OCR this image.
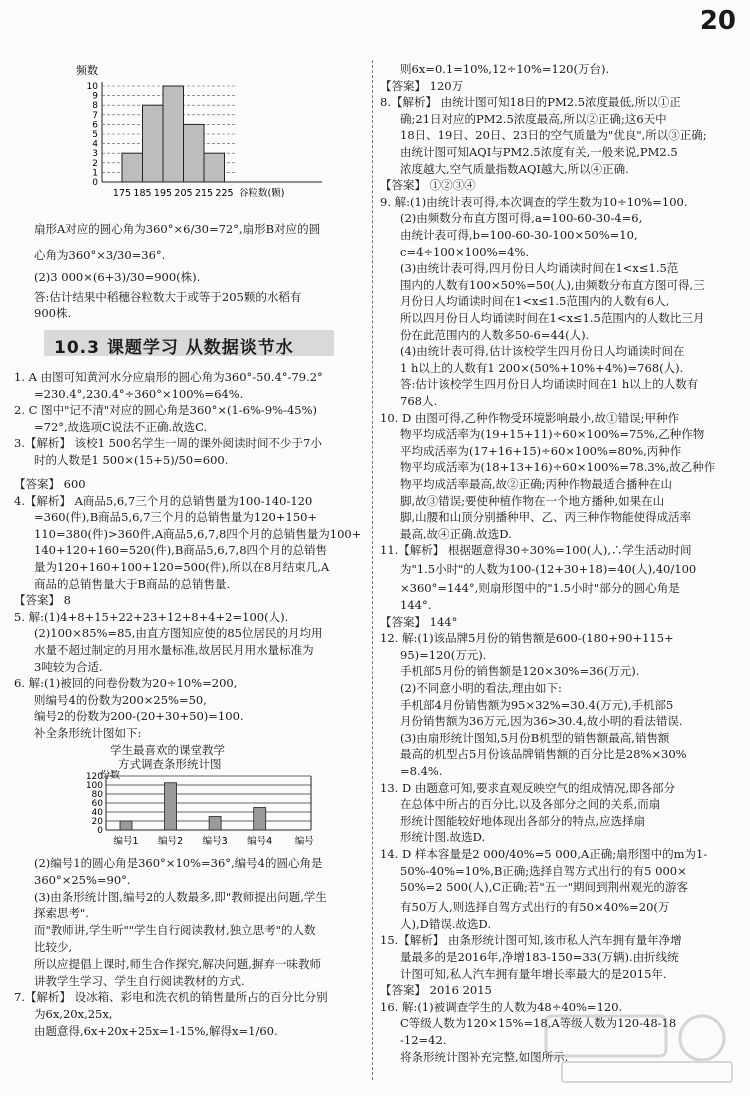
20
频数
0
1
2
3
4
5
6
7
8
9
10
175 185 195 205 215 225 谷粒数(颗)
扇形A对应的圆心角为360°×6/30=72°,扇形B对应的圆
心角为360°×3/30=36°.
(2)3 000×(6+3)/30=900(株).
答:估计结果中稻穗谷粒数大于或等于205颗的水稻有
900株.
1. A 由图可知黄河水分应扇形的圆心角为360°-50.4°-79.2°
=230.4°,230.4°÷360°×100%=64%.
2. C 图中"记不清"对应的圆心角是360°×(1-6%-9%-45%)
=72°,故选项C说法不正确.故选C.
3.【解析】 该校1 500名学生一周的课外阅读时间不少于7小
时的人数是1 500×(15+5)/50=600.
【答案】 600
4.【解析】 A商品5,6,7三个月的总销售量为100-140-120
=360(件),B商品5,6,7三个月的总销售量为120+150+
110=380(件)>360件,A商品5,6,7,8四个月的总销售量为100+
140+120+160=520(件),B商品5,6,7,8四个月的总销售
量为120+160+100+120=500(件),所以在8月结束几,A
商品的总销售量大于B商品的总销售量.
【答案】 8
5. 解:(1)4+8+15+22+23+12+8+4+2=100(人).
(2)100×85%=85,由直方图知应使的85位居民的月均用
水量不超过制定的月用水量标准,故居民月用水量标准为
3吨较为合适.
6. 解:(1)被回的问卷份数为20÷10%=200,
则编号4的份数为200×25%=50,
编号2的份数为200-(20+30+50)=100.
补全条形统计图如下:
(2)编号1的圆心角是360°×10%=36°,编号4的圆心角是
360°×25%=90°.
(3)由条形统计图,编号2的人数最多,即"教师提出问题,学生
探索思考".
而"教师讲,学生听""学生自行阅读教材,独立思考"的人数
比较少,
所以应提倡上课时,师生合作探究,解决问题,摒弃一味教师
讲教学生学习、学生自行阅读教材的方式.
7.【解析】 设冰箱、彩电和洗衣机的销售量所占的百分比分别
为6x,20x,25x,
由题意得,6x+20x+25x=1-15%,解得x=1/60.
10.3 课题学习 从数据谈节水
学生最喜欢的课堂教学
方式调查条形统计图
份数
0
20
40
60
80
100
120
编号1 编号2 编号3 编号4 编号
则6x=0.1=10%,12÷10%=120(万台).
【答案】 120万
8.【解析】 由统计图可知18日的PM2.5浓度最低,所以①正
确;21日对应的PM2.5浓度最高,所以②正确;这6天中
18日、19日、20日、23日的空气质量为"优良",所以③正确;
由统计图可知AQI与PM2.5浓度有关,一般来说,PM2.5
浓度越大,空气质量指数AQI越大,所以④正确.
【答案】 ①②③④
9. 解:(1)由统计表可得,本次调查的学生数为10÷10%=100.
(2)由频数分布直方图可得,a=100-60-30-4=6,
由统计表可得,b=100-60-30-100×50%=10,
c=4÷100×100%=4%.
(3)由统计表可得,四月份日人均诵读时间在1<x≤1.5范
围内的人数有100×50%=50(人),由频数分布直方图可得,三
月份日人均诵读时间在1<x≤1.5范围内的人数有6人,
所以四月份日人均诵读时间在1<x≤1.5范围内的人数比三月
份在此范围内的人数多50-6=44(人).
(4)由统计表可得,估计该校学生四月份日人均诵读时间在
1 h以上的人数有1 200×(50%+10%+4%)=768(人).
答:估计该校学生四月份日人均诵读时间在1 h以上的人数有
768人.
10. D 由图可得,乙种作物受环境影响最小,故①错误;甲种作
物平均成活率为(19+15+11)÷60×100%=75%,乙种作物
平均成活率为(17+16+15)÷60×100%=80%,丙种作
物平均成活率为(18+13+16)÷60×100%=78.3%,故乙种作
物平均成活率最高,故②正确;丙种作物最适合播种在山
脚,故③错误;要使种植作物在一个地方播种,如果在山
脚,山腰和山顶分别播种甲、乙、丙三种作物能使得成活率
最高,故④正确.故选D.
11.【解析】 根据题意得30÷30%=100(人),∴学生活动时间
为"1.5小时"的人数为100-(12+30+18)=40(人),40/100
×360°=144°,则扇形图中的"1.5小时"部分的圆心角是
144°.
【答案】 144°
12. 解:(1)该品牌5月份的销售额是600-(180+90+115+
95)=120(万元).
手机部5月份的销售额是120×30%=36(万元).
(2)不同意小明的看法,理由如下:
手机部4月份销售额为95×32%=30.4(万元),手机部5
月份销售额为36万元,因为36>30.4,故小明的看法错误.
(3)由扇形统计图知,5月份B机型的销售额最高,销售额
最高的机型占5月份该品牌销售额的百分比是28%×30%
=8.4%.
13. D 由题意可知,要求直观反映空气的组成情况,即各部分
在总体中所占的百分比,以及各部分之间的关系,而扇
形统计图能较好地体现出各部分的特点,应选择扇
形统计图.故选D.
14. D 样本容量是2 000/40%=5 000,A正确;扇形图中的m为1-
50%-40%=10%,B正确;选择自驾方式出行的有5 000×
50%=2 500(人),C正确;若"五一"期间到荆州观光的游客
有50万人,则选择自驾方式出行的有50×40%=20(万
人),D错误.故选D.
15.【解析】 由条形统计图可知,该市私人汽车拥有量年净增
量最多的是2016年,净增183-150=33(万辆).由折线统
计图可知,私人汽车拥有量年增长率最大的是2015年.
【答案】 2016 2015
16. 解:(1)被调查学生的人数为48÷40%=120.
C等级人数为120×15%=18,A等级人数为120-48-18
-12=42.
将条形统计图补充完整,如图所示.
